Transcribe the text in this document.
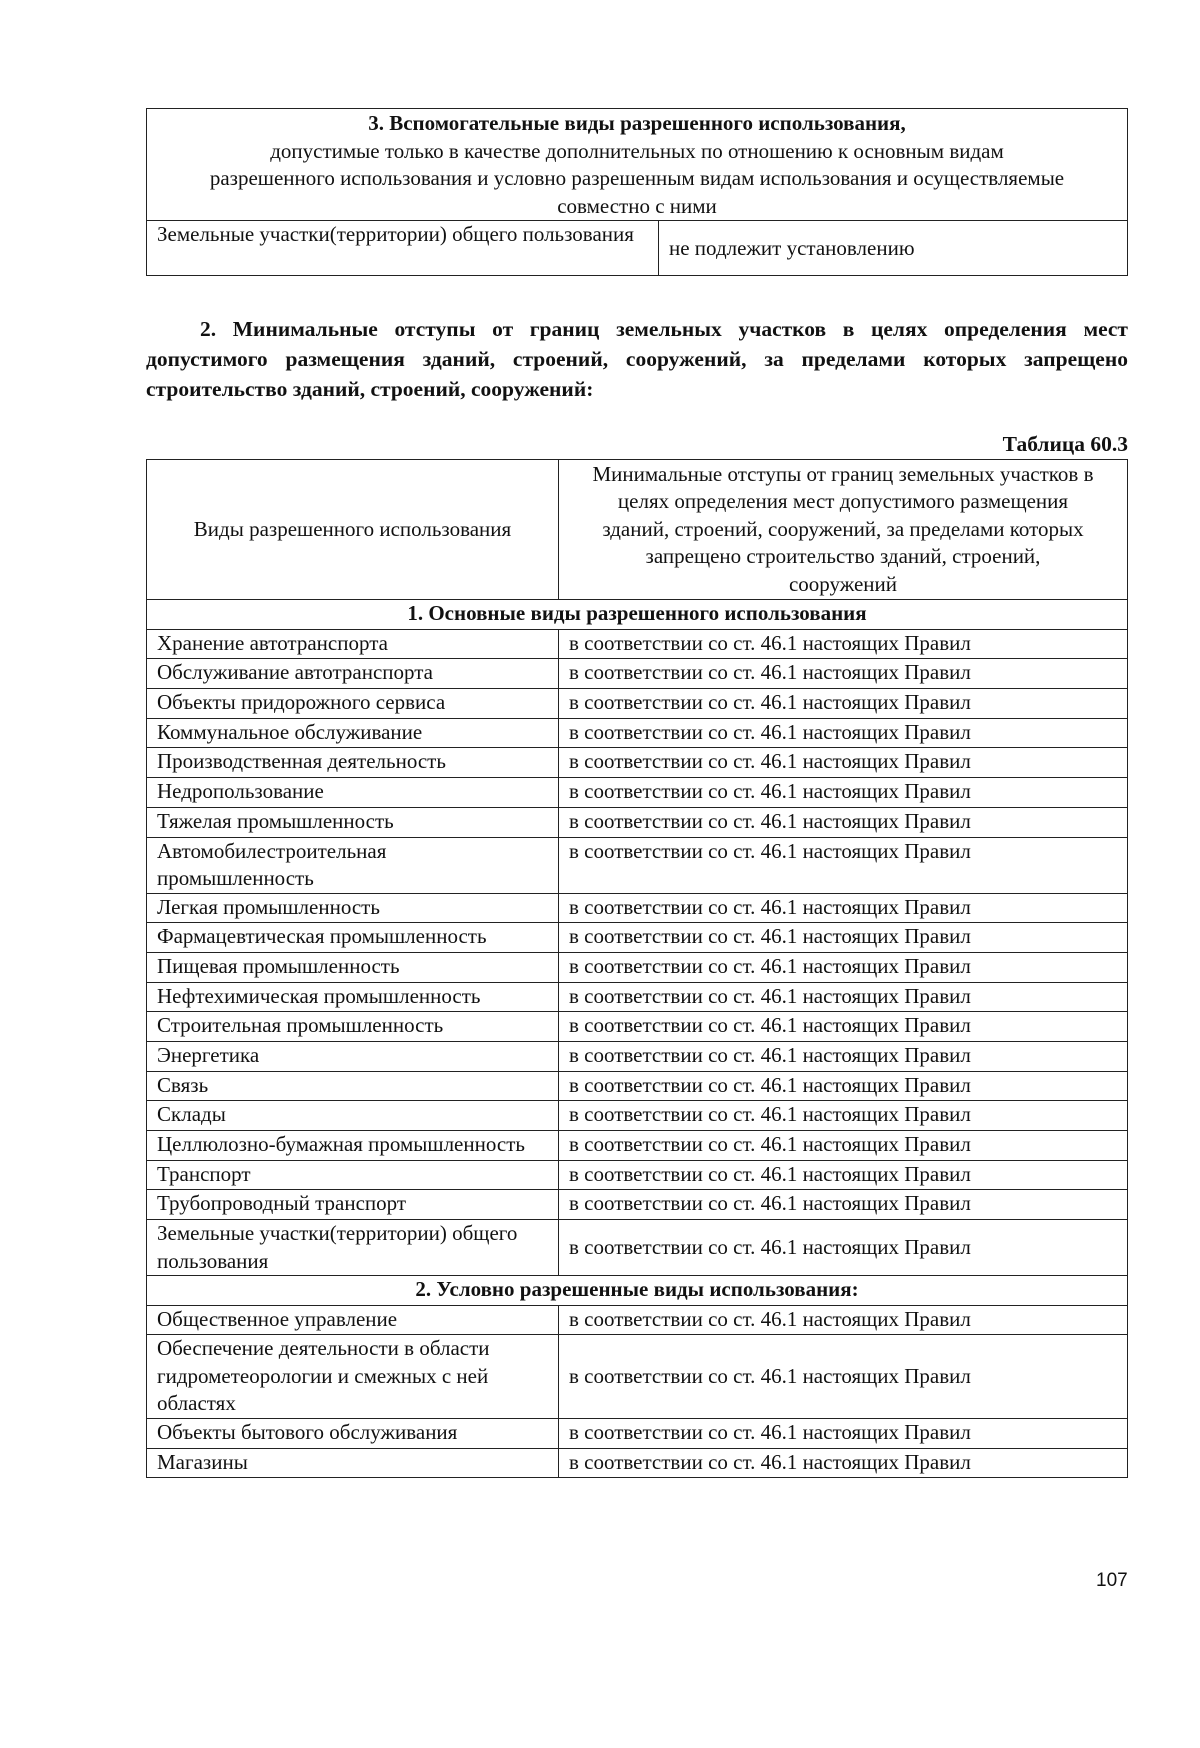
3. Вспомогательные виды разрешенного использования,
допустимые только в качестве дополнительных по отношению к основным видам разрешенного использования и условно разрешенным видам использования и осуществляемые совместно с ними
Земельные участки(территории) общего пользования	не подлежит установлению
2. Минимальные отступы от границ земельных участков в целях определения мест допустимого размещения зданий, строений, сооружений, за пределами которых запрещено строительство зданий, строений, сооружений:
Таблица 60.3
Виды разрешенного использования	Минимальные отступы от границ земельных участков в целях определения мест допустимого размещения зданий, строений, сооружений, за пределами которых запрещено строительство зданий, строений, сооружений
1. Основные виды разрешенного использования	
Хранение автотранспорта	в соответствии со ст. 46.1 настоящих Правил
Обслуживание автотранспорта	в соответствии со ст. 46.1 настоящих Правил
Объекты придорожного сервиса	в соответствии со ст. 46.1 настоящих Правил
Коммунальное обслуживание	в соответствии со ст. 46.1 настоящих Правил
Производственная деятельность	в соответствии со ст. 46.1 настоящих Правил
Недропользование	в соответствии со ст. 46.1 настоящих Правил
Тяжелая промышленность	в соответствии со ст. 46.1 настоящих Правил
Автомобилестроительная промышленность	в соответствии со ст. 46.1 настоящих Правил
Легкая промышленность	в соответствии со ст. 46.1 настоящих Правил
Фармацевтическая промышленность	в соответствии со ст. 46.1 настоящих Правил
Пищевая промышленность	в соответствии со ст. 46.1 настоящих Правил
Нефтехимическая промышленность	в соответствии со ст. 46.1 настоящих Правил
Строительная промышленность	в соответствии со ст. 46.1 настоящих Правил
Энергетика	в соответствии со ст. 46.1 настоящих Правил
Связь	в соответствии со ст. 46.1 настоящих Правил
Склады	в соответствии со ст. 46.1 настоящих Правил
Целлюлозно-бумажная промышленность	в соответствии со ст. 46.1 настоящих Правил
Транспорт	в соответствии со ст. 46.1 настоящих Правил
Трубопроводный транспорт	в соответствии со ст. 46.1 настоящих Правил
Земельные участки(территории) общего пользования	в соответствии со ст. 46.1 настоящих Правил
2. Условно разрешенные виды использования:	
Общественное управление	в соответствии со ст. 46.1 настоящих Правил
Обеспечение деятельности в области гидрометеорологии и смежных с ней областях	в соответствии со ст. 46.1 настоящих Правил
Объекты бытового обслуживания	в соответствии со ст. 46.1 настоящих Правил
Магазины	в соответствии со ст. 46.1 настоящих Правил
107
